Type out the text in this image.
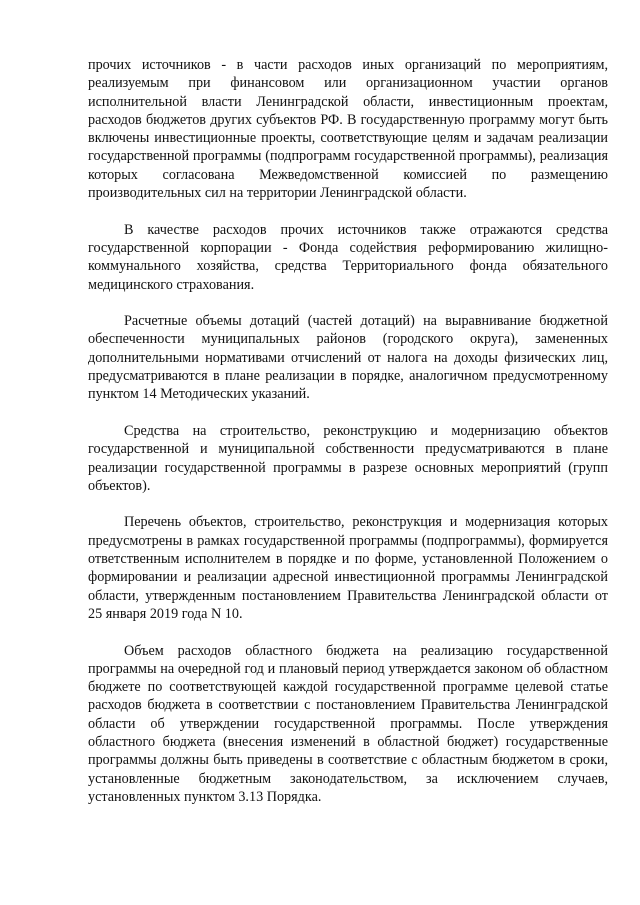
прочих источников - в части расходов иных организаций по мероприятиям, реализуемым при финансовом или организационном участии органов исполнительной власти Ленинградской области, инвестиционным проектам, расходов бюджетов других субъектов РФ. В государственную программу могут быть включены инвестиционные проекты, соответствующие целям и задачам реализации государственной программы (подпрограмм государственной программы), реализация которых согласована Межведомственной комиссией по размещению производительных сил на территории Ленинградской области.

В качестве расходов прочих источников также отражаются средства государственной корпорации - Фонда содействия реформированию жилищно-коммунального хозяйства, средства Территориального фонда обязательного медицинского страхования.

Расчетные объемы дотаций (частей дотаций) на выравнивание бюджетной обеспеченности муниципальных районов (городского округа), замененных дополнительными нормативами отчислений от налога на доходы физических лиц, предусматриваются в плане реализации в порядке, аналогичном предусмотренному пунктом 14 Методических указаний.

Средства на строительство, реконструкцию и модернизацию объектов государственной и муниципальной собственности предусматриваются в плане реализации государственной программы в разрезе основных мероприятий (групп объектов).

Перечень объектов, строительство, реконструкция и модернизация которых предусмотрены в рамках государственной программы (подпрограммы), формируется ответственным исполнителем в порядке и по форме, установленной Положением о формировании и реализации адресной инвестиционной программы Ленинградской области, утвержденным постановлением Правительства Ленинградской области от 25 января 2019 года N 10.

Объем расходов областного бюджета на реализацию государственной программы на очередной год и плановый период утверждается законом об областном бюджете по соответствующей каждой государственной программе целевой статье расходов бюджета в соответствии с постановлением Правительства Ленинградской области об утверждении государственной программы. После утверждения областного бюджета (внесения изменений в областной бюджет) государственные программы должны быть приведены в соответствие с областным бюджетом в сроки, установленные бюджетным законодательством, за исключением случаев, установленных пунктом 3.13 Порядка.
